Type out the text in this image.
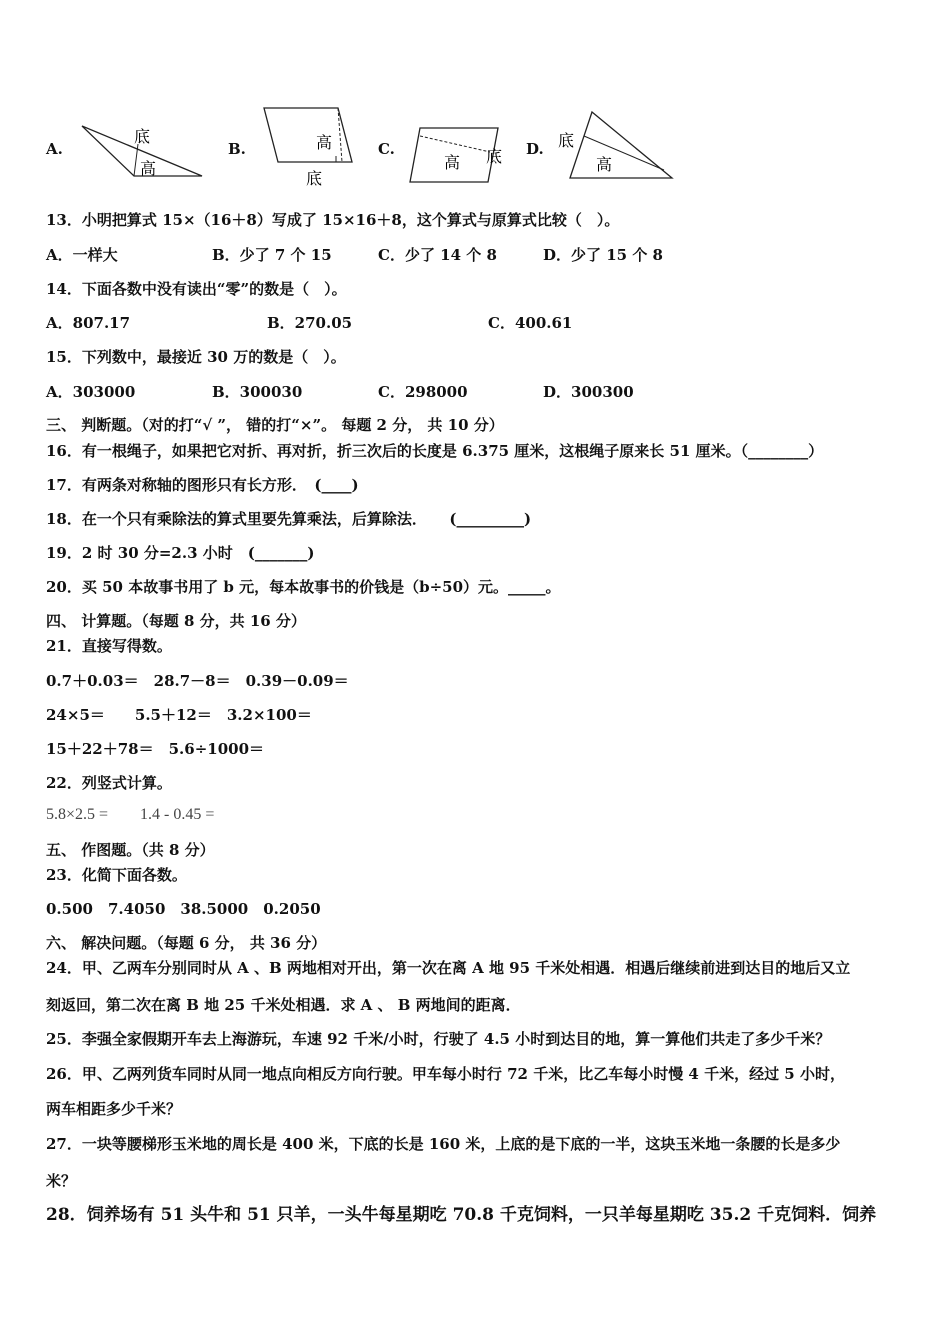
A.
底
高
B.	高
底
C.
高 底 D. 底
高
13．小明把算式 15×（16＋8）写成了 15×16＋8，这个算式与原算式比较（　）。
A．一样大	B．少了 7 个 15	C．少了 14 个 8	D．少了 15 个 8
14．下面各数中没有读出“零”的数是（　）。
A．807.17	B．270.05	C．400.61
15．下列数中，最接近 30 万的数是（　）。
A．303000	B．300030	C．298000	D．300300
三、 判断题。（对的打“√ ”， 错的打“×”。 每题 2 分， 共 10 分）
16．有一根绳子，如果把它对折、再对折，折三次后的长度是 6.375 厘米，这根绳子原来长 51 厘米。（________）
17．有两条对称轴的图形只有长方形．　(____)
18．在一个只有乘除法的算式里要先算乘法，后算除法．　　(_________)
19．2 时 30 分=2.3 小时　(_______)
20．买 50 本故事书用了 b 元，每本故事书的价钱是（b÷50）元。_____。
四、 计算题。（每题 8 分，共 16 分）
21．直接写得数。
0.7＋0.03＝　28.7－8＝　0.39－0.09＝
24×5＝　　5.5＋12＝　3.2×100＝
15＋22＋78＝　5.6÷1000＝
22．列竖式计算。
5.8×2.5 =　　1.4 - 0.45 =
五、 作图题。（共 8 分）
23．化简下面各数。
0.500　7.4050　38.5000　0.2050
六、 解决问题。（每题 6 分， 共 36 分）
24．甲、乙两车分别同时从 A 、B 两地相对开出，第一次在离 A 地 95 千米处相遇．相遇后继续前进到达目的地后又立
刻返回，第二次在离 B 地 25 千米处相遇．求 A 、 B 两地间的距离．
25．李强全家假期开车去上海游玩，车速 92 千米/小时，行驶了 4.5 小时到达目的地，算一算他们共走了多少千米？
26．甲、乙两列货车同时从同一地点向相反方向行驶。甲车每小时行 72 千米，比乙车每小时慢 4 千米，经过 5 小时，
两车相距多少千米？
27．一块等腰梯形玉米地的周长是 400 米，下底的长是 160 米，上底的是下底的一半，这块玉米地一条腰的长是多少
米？
28．饲养场有 51 头牛和 51 只羊，一头牛每星期吃 70.8 千克饲料，一只羊每星期吃 35.2 千克饲料．饲养
